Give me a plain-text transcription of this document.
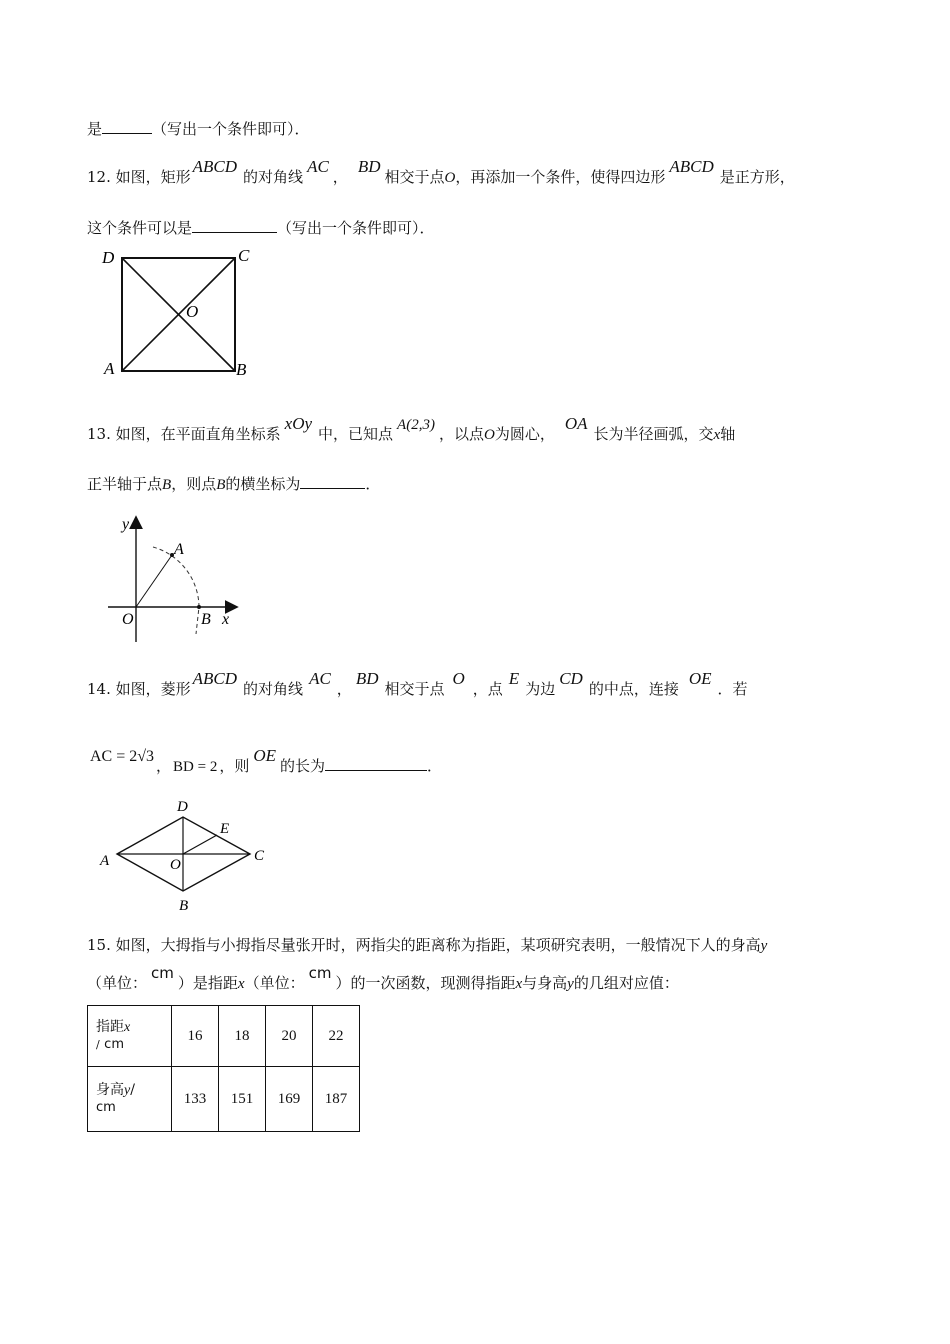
是	（写出一个条件即可）．
12. 如图，矩形ABCD的对角线AC，BD相交于点O，再添加一个条件，使得四边形ABCD是正方形，
这个条件可以是	（写出一个条件即可）．
D	C
A	B
O
13. 如图，在平面直角坐标系xOy中，已知点 A(2,3) ，以点O为圆心，OA长为半径画弧，交x轴
正半轴于点B，则点B的横坐标为	．
y
A
O	B x
14. 如图，菱形ABCD的对角线AC，BD相交于点O，点E为边CD的中点，连接OE．若
AC = 2√3， BD = 2 ，则OE的长为	．
D
E
A	O
C
B
15. 如图，大拇指与小拇指尽量张开时，两指尖的距离称为指距，某项研究表明，一般情况下人的身高y
（单位：cm）是指距x（单位：cm）的一次函数，现测得指距x与身高y的几组对应值：
指距x
/ cm	16	18	20	22
身高y/
cm	133	151	169	187
